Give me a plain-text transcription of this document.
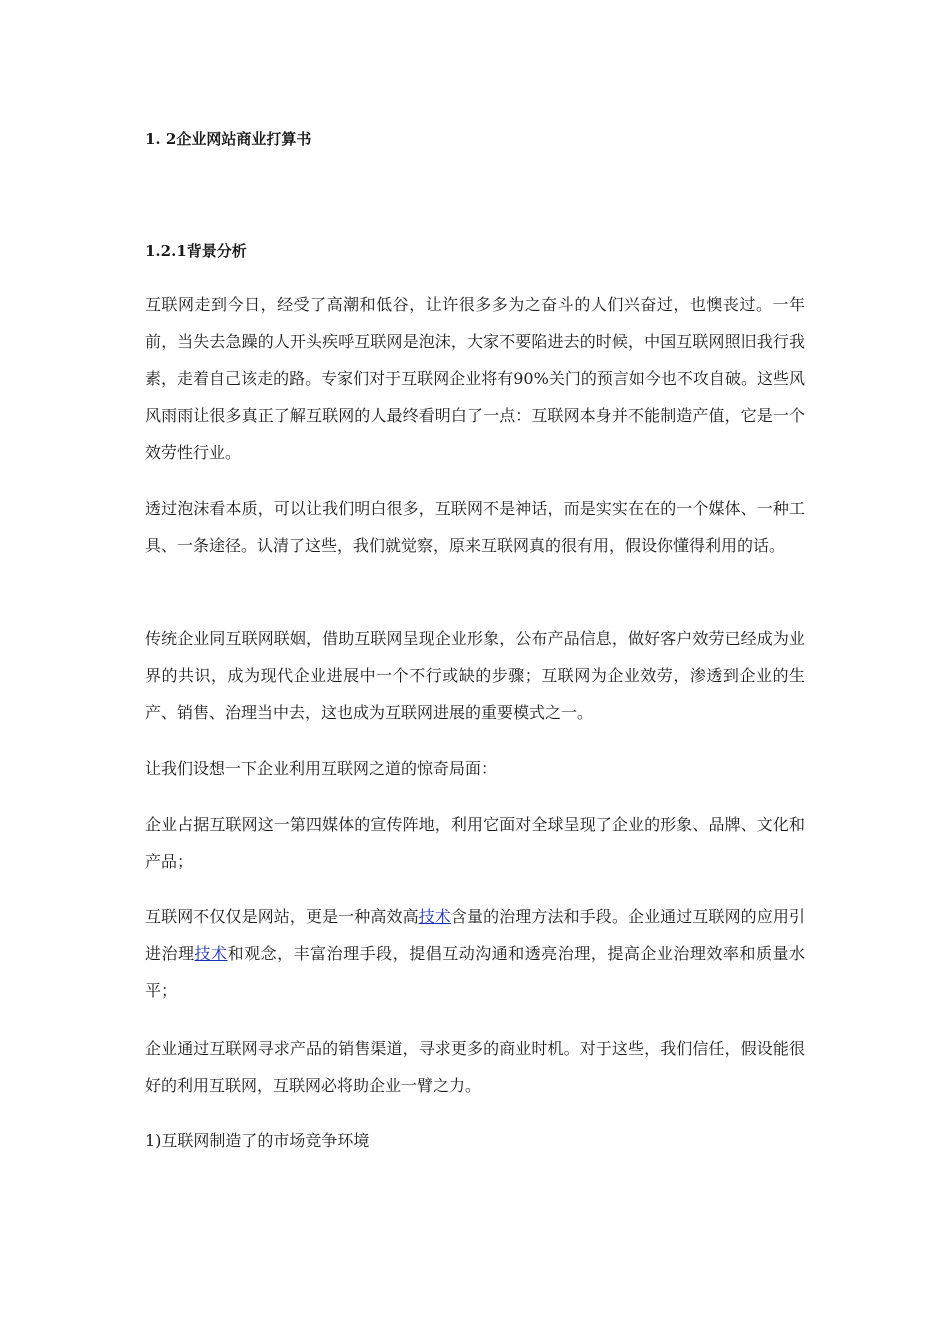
1. 2企业网站商业打算书
1.2.1背景分析

互联网走到今日，经受了高潮和低谷，让许很多多为之奋斗的人们兴奋过，也懊丧过。一年前，当失去急躁的人开头疾呼互联网是泡沫，大家不要陷进去的时候，中国互联网照旧我行我素，走着自己该走的路。专家们对于互联网企业将有90%关门的预言如今也不攻自破。这些风风雨雨让很多真正了解互联网的人最终看明白了一点：互联网本身并不能制造产值，它是一个效劳性行业。

透过泡沫看本质，可以让我们明白很多，互联网不是神话，而是实实在在的一个媒体、一种工具、一条途径。认清了这些，我们就觉察，原来互联网真的很有用，假设你懂得利用的话。

传统企业同互联网联姻，借助互联网呈现企业形象，公布产品信息，做好客户效劳已经成为业界的共识，成为现代企业进展中一个不行或缺的步骤；互联网为企业效劳，渗透到企业的生产、销售、治理当中去，这也成为互联网进展的重要模式之一。

让我们设想一下企业利用互联网之道的惊奇局面：

企业占据互联网这一第四媒体的宣传阵地，利用它面对全球呈现了企业的形象、品牌、文化和产品；

互联网不仅仅是网站，更是一种高效高技术含量的治理方法和手段。企业通过互联网的应用引进治理技术和观念，丰富治理手段，提倡互动沟通和透亮治理，提高企业治理效率和质量水平；

企业通过互联网寻求产品的销售渠道，寻求更多的商业时机。对于这些，我们信任，假设能很好的利用互联网，互联网必将助企业一臂之力。

1)互联网制造了的市场竞争环境
